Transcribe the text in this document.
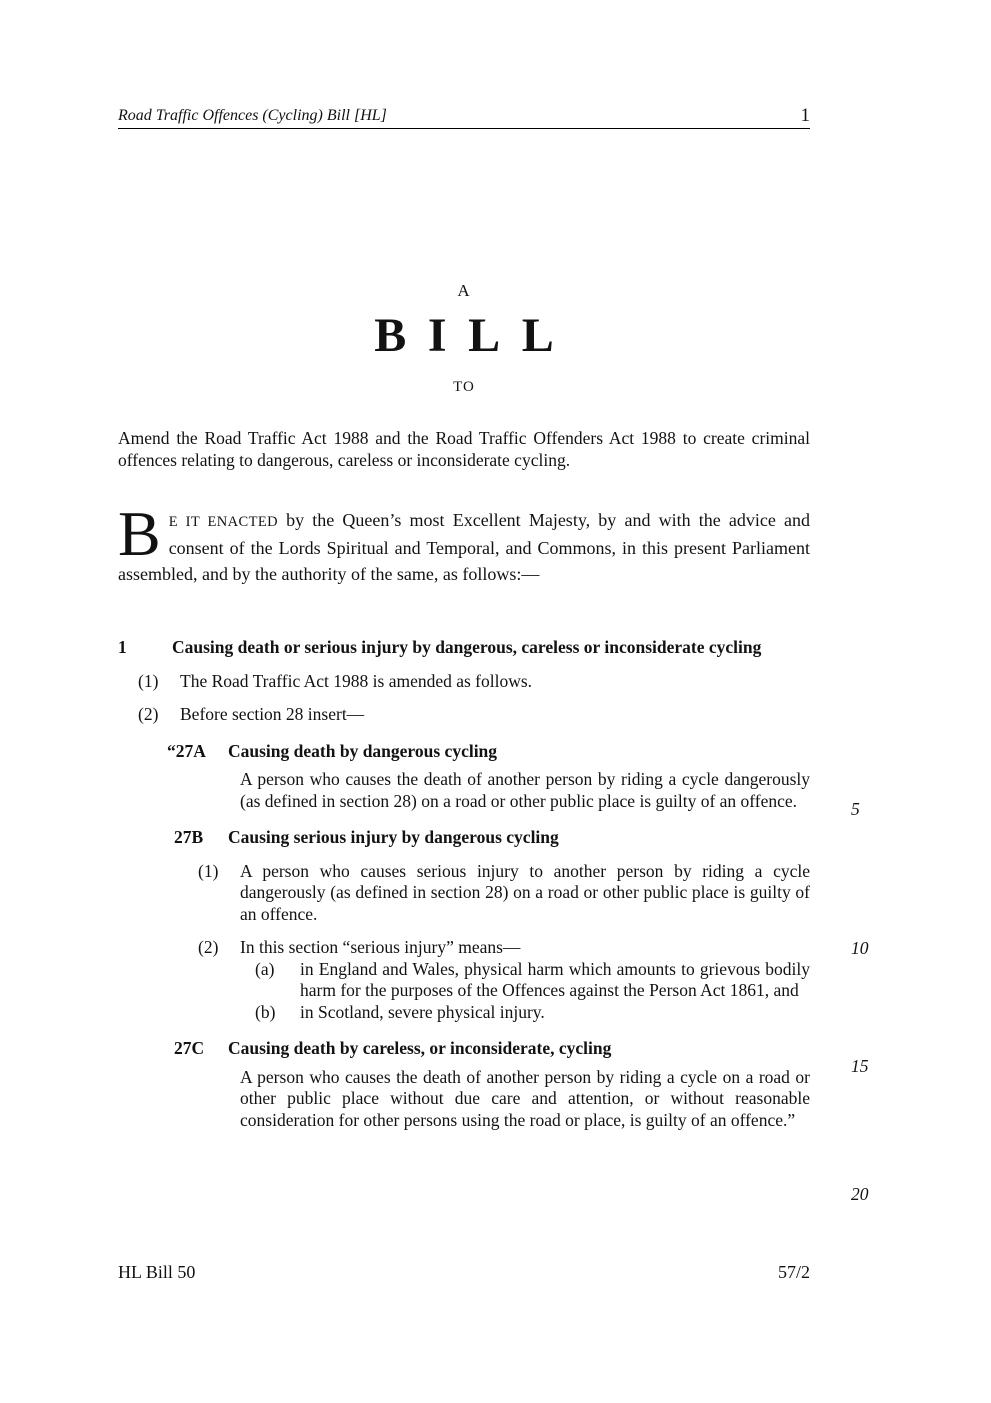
Road Traffic Offences (Cycling) Bill [HL]	1
A
BILL
TO

Amend the Road Traffic Act 1988 and the Road Traffic Offenders Act 1988 to create criminal offences relating to dangerous, careless or inconsiderate cycling.

B E IT ENACTED by the Queen’s most Excellent Majesty, by and with the advice and consent of the Lords Spiritual and Temporal, and Commons, in this present Parliament assembled, and by the authority of the same, as follows:—

1	Causing death or serious injury by dangerous, careless or inconsiderate cycling
(1) The Road Traffic Act 1988 is amended as follows.
(2) Before section 28 insert—
“27A Causing death by dangerous cycling

A person who causes the death of another person by riding a cycle dangerously (as defined in section 28) on a road or other public place is guilty of an offence.

27B Causing serious injury by dangerous cycling
(1) A person who causes serious injury to another person by riding a cycle dangerously (as defined in section 28) on a road or other public place is guilty of an offence.
(2) In this section “serious injury” means—
(a) in England and Wales, physical harm which amounts to grievous bodily harm for the purposes of the Offences against the Person Act 1861, and
(b) in Scotland, severe physical injury.
27C Causing death by careless, or inconsiderate, cycling

A person who causes the death of another person by riding a cycle on a road or other public place without due care and attention, or without reasonable consideration for other persons using the road or place, is guilty of an offence.”

5
10
15
20
HL Bill 50	57/2
